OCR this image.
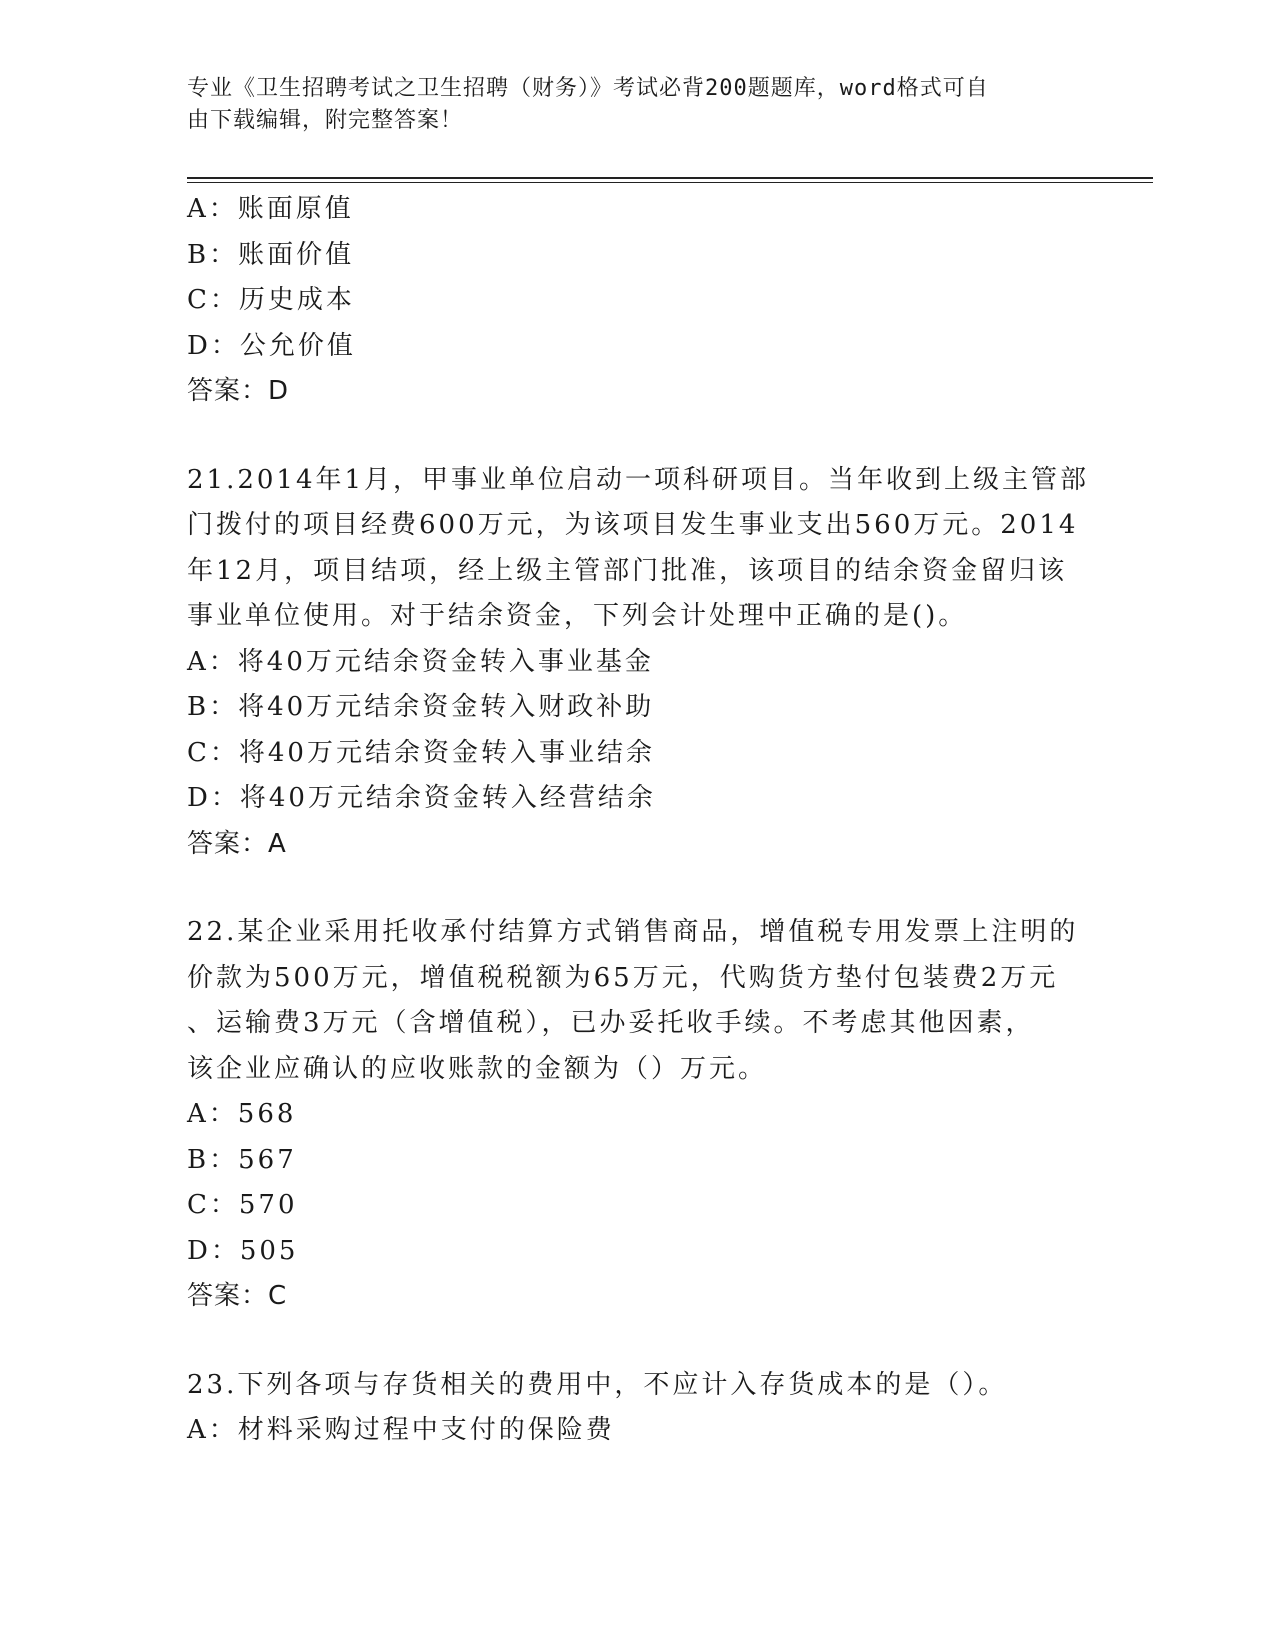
专业《卫生招聘考试之卫生招聘（财务）》考试必背200题题库，word格式可自
由下载编辑，附完整答案！
A：账面原值
B：账面价值
C：历史成本
D：公允价值
答案：D
21.2014年1月，甲事业单位启动一项科研项目。当年收到上级主管部
门拨付的项目经费600万元，为该项目发生事业支出560万元。2014
年12月，项目结项，经上级主管部门批准，该项目的结余资金留归该
事业单位使用。对于结余资金，下列会计处理中正确的是()。
A：将40万元结余资金转入事业基金
B：将40万元结余资金转入财政补助
C：将40万元结余资金转入事业结余
D：将40万元结余资金转入经营结余
答案：A
22.某企业采用托收承付结算方式销售商品，增值税专用发票上注明的
价款为500万元，增值税税额为65万元，代购货方垫付包装费2万元
、运输费3万元（含增值税），已办妥托收手续。不考虑其他因素，
该企业应确认的应收账款的金额为（）万元。
A：568
B：567
C：570
D：505
答案：C
23.下列各项与存货相关的费用中，不应计入存货成本的是（）。
A：材料采购过程中支付的保险费
